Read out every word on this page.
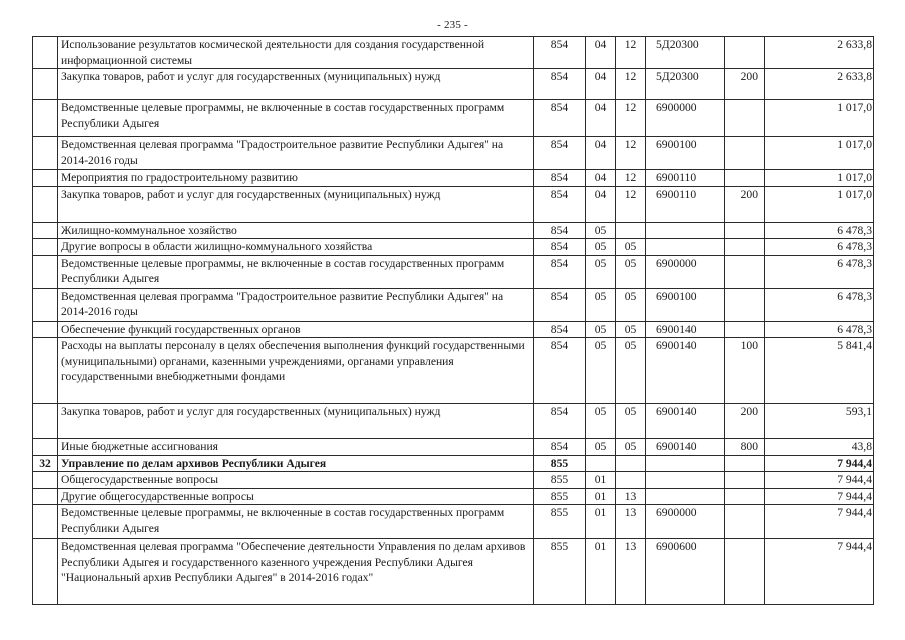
- 235 -
	Использование результатов космической деятельности для создания государственной информационной системы	854	04	12	5Д20300		2 633,8
	Закупка товаров, работ и услуг для государственных (муниципальных) нужд	854	04	12	5Д20300	200	2 633,8
	Ведомственные целевые программы, не включенные в состав государственных программ Республики Адыгея	854	04	12	6900000		1 017,0
	Ведомственная целевая программа "Градостроительное развитие Республики Адыгея" на 2014-2016 годы	854	04	12	6900100		1 017,0
	Мероприятия по градостроительному развитию	854	04	12	6900110		1 017,0
	Закупка товаров, работ и услуг для государственных (муниципальных) нужд	854	04	12	6900110	200	1 017,0
	Жилищно-коммунальное хозяйство	854	05				6 478,3
	Другие вопросы в области жилищно-коммунального хозяйства	854	05	05			6 478,3
	Ведомственные целевые программы, не включенные в состав государственных программ Республики Адыгея	854	05	05	6900000		6 478,3
	Ведомственная целевая программа "Градостроительное развитие Республики Адыгея" на 2014-2016 годы	854	05	05	6900100		6 478,3
	Обеспечение функций государственных органов	854	05	05	6900140		6 478,3
	Расходы на выплаты персоналу в целях обеспечения выполнения функций государственными (муниципальными) органами, казенными учреждениями, органами управления государственными внебюджетными фондами	854	05	05	6900140	100	5 841,4
	Закупка товаров, работ и услуг для государственных (муниципальных) нужд	854	05	05	6900140	200	593,1
	Иные бюджетные ассигнования	854	05	05	6900140	800	43,8
32	Управление по делам архивов Республики Адыгея	855					7 944,4
	Общегосударственные вопросы	855	01				7 944,4
	Другие общегосударственные вопросы	855	01	13			7 944,4
	Ведомственные целевые программы, не включенные в состав государственных программ Республики Адыгея	855	01	13	6900000		7 944,4
	Ведомственная целевая программа "Обеспечение деятельности Управления по делам архивов Республики Адыгея и государственного казенного учреждения Республики Адыгея "Национальный архив Республики Адыгея" в 2014-2016 годах"	855	01	13	6900600		7 944,4
